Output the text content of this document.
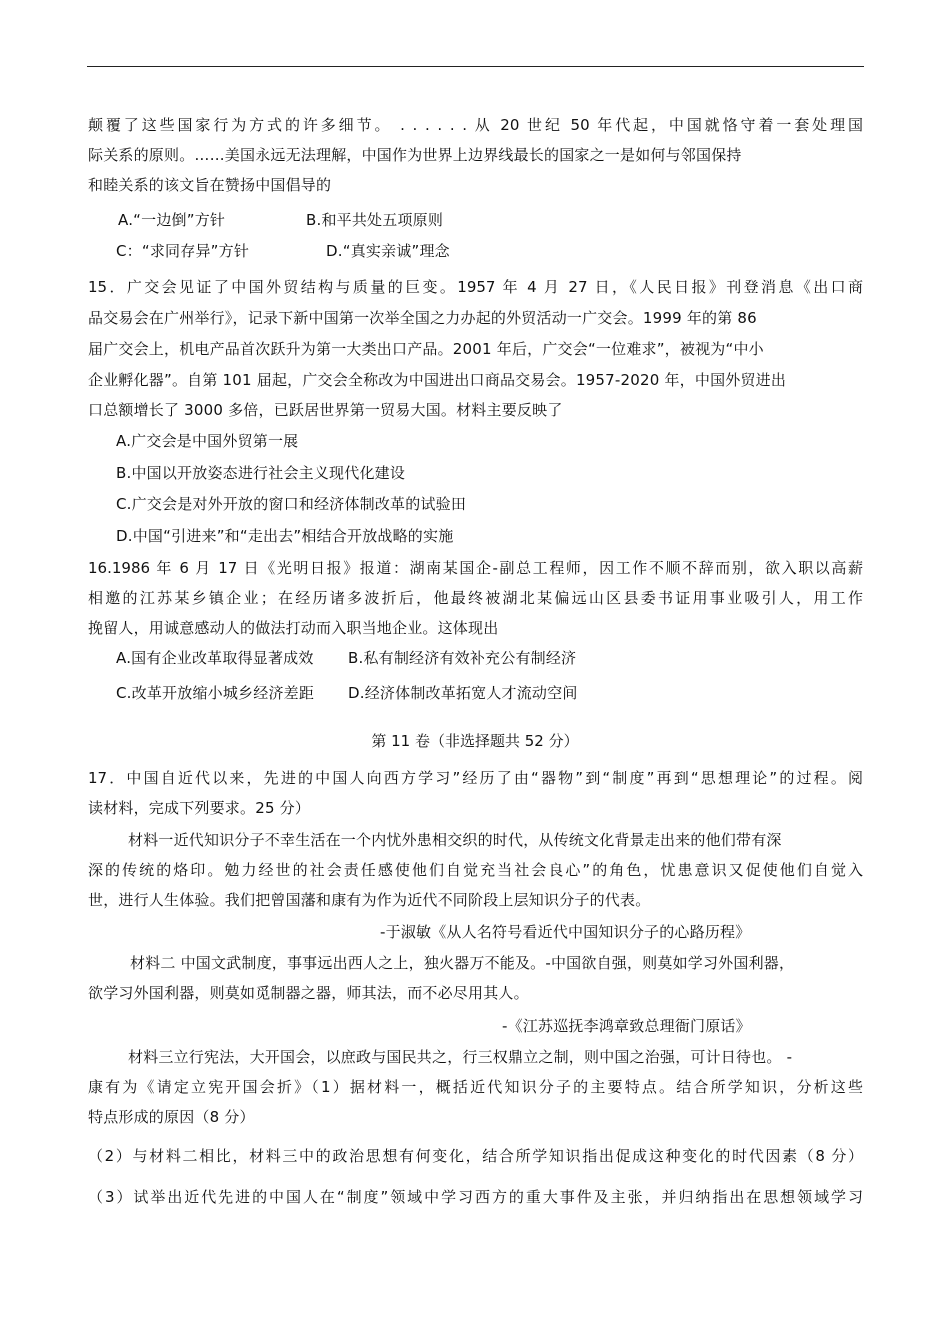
颠覆了这些国家行为方式的许多细节。 . . . . . . 从 20 世纪 50 年代起，中国就恪守着一套处理国
际关系的原则。……美国永远无法理解，中国作为世界上边界线最长的国家之一是如何与邻国保持
和睦关系的该文旨在赞扬中国倡导的
A.“一边倒”方针	B.和平共处五项原则
C：“求同存异”方针	D.“真实亲诚”理念
15．广交会见证了中国外贸结构与质量的巨变。1957 年 4 月 27 日，《人民日报》刊登消息《出口商
品交易会在广州举行》，记录下新中国第一次举全国之力办起的外贸活动一广交会。1999 年的第 86
届广交会上，机电产品首次跃升为第一大类出口产品。2001 年后，广交会“一位难求”，被视为“中小
企业孵化器”。自第 101 届起，广交会全称改为中国进出口商品交易会。1957-2020 年，中国外贸进出
口总额增长了 3000 多倍，已跃居世界第一贸易大国。材料主要反映了
A.广交会是中国外贸第一展
B.中国以开放姿态进行社会主义现代化建设
C.广交会是对外开放的窗口和经济体制改革的试验田
D.中国“引进来”和“走出去”相结合开放战略的实施
16.1986 年 6 月 17 日《光明日报》报道：湖南某国企-副总工程师，因工作不顺不辞而别，欲入职以高薪
相邀的江苏某乡镇企业；在经历诸多波折后，他最终被湖北某偏远山区县委书证用事业吸引人，用工作
挽留人，用诚意感动人的做法打动而入职当地企业。这体现出
A.国有企业改革取得显著成效 B.私有制经济有效补充公有制经济
C.改革开放缩小城乡经济差距 D.经济体制改革拓宽人才流动空间
第 11 卷（非选择题共 52 分）
17．中国自近代以来，先进的中国人向西方学习”经历了由“器物”到“制度”再到“思想理论”的过程。阅
读材料，完成下列要求。25 分）
材料一近代知识分子不幸生活在一个内忧外患相交织的时代，从传统文化背景走出来的他们带有深
深的传统的烙印。勉力经世的社会责任感使他们自觉充当社会良心”的角色，忧患意识又促使他们自觉入
世，进行人生体验。我们把曾国藩和康有为作为近代不同阶段上层知识分子的代表。
-于淑敏《从人名符号看近代中国知识分子的心路历程》
材料二 中国文武制度，事事远出西人之上，独火器万不能及。-中国欲自强，则莫如学习外国利器，
欲学习外国利器，则莫如觅制器之器，师其法，而不必尽用其人。
-《江苏巡抚李鸿章致总理衙门原话》
材料三立行宪法，大开国会，以庶政与国民共之，行三权鼎立之制，则中国之治强，可计日待也。 -
康有为《请定立宪开国会折》（1）据材料一，概括近代知识分子的主要特点。结合所学知识，分析这些
特点形成的原因（8 分）
（2）与材料二相比，材料三中的政治思想有何变化，结合所学知识指出促成这种变化的时代因素（8 分）
（3）试举出近代先进的中国人在“制度”领域中学习西方的重大事件及主张，并归纳指出在思想领域学习
